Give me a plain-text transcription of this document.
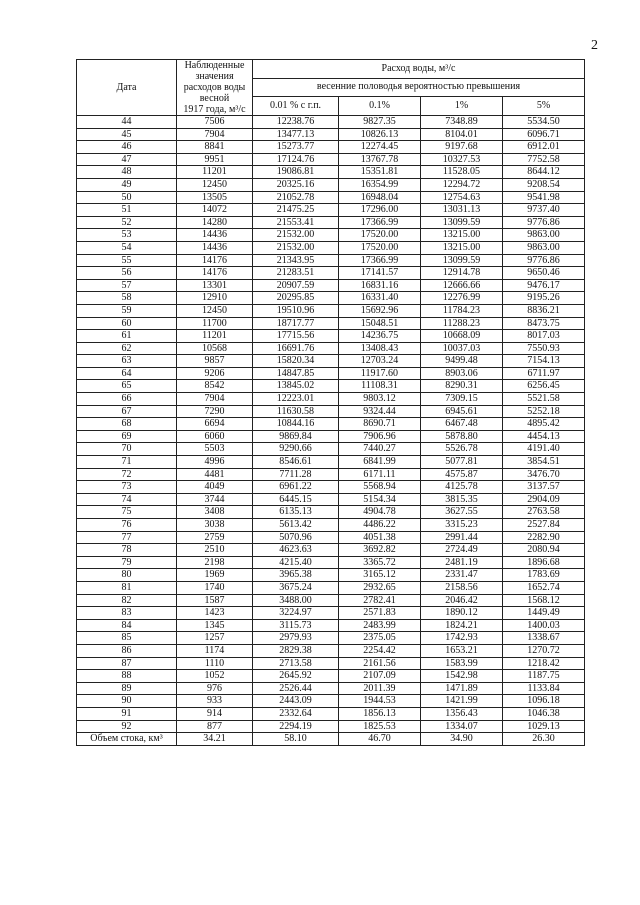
2
Дата	Наблюденные
значения
расходов воды
весной
1917 года, м³/с	Расход воды, м³/с			
		весенние половодья вероятностью превышения			
		0.01 % с г.п.	0.1%	1%	5%
44	7506	12238.76	9827.35	7348.89	5534.50
45	7904	13477.13	10826.13	8104.01	6096.71
46	8841	15273.77	12274.45	9197.68	6912.01
47	9951	17124.76	13767.78	10327.53	7752.58
48	11201	19086.81	15351.81	11528.05	8644.12
49	12450	20325.16	16354.99	12294.72	9208.54
50	13505	21052.78	16948.04	12754.63	9541.98
51	14072	21475.25	17296.00	13031.13	9737.40
52	14280	21553.41	17366.99	13099.59	9776.86
53	14436	21532.00	17520.00	13215.00	9863.00
54	14436	21532.00	17520.00	13215.00	9863.00
55	14176	21343.95	17366.99	13099.59	9776.86
56	14176	21283.51	17141.57	12914.78	9650.46
57	13301	20907.59	16831.16	12666.66	9476.17
58	12910	20295.85	16331.40	12276.99	9195.26
59	12450	19510.96	15692.96	11784.23	8836.21
60	11700	18717.77	15048.51	11288.23	8473.75
61	11201	17715.56	14236.75	10668.09	8017.03
62	10568	16691.76	13408.43	10037.03	7550.93
63	9857	15820.34	12703.24	9499.48	7154.13
64	9206	14847.85	11917.60	8903.06	6711.97
65	8542	13845.02	11108.31	8290.31	6256.45
66	7904	12223.01	9803.12	7309.15	5521.58
67	7290	11630.58	9324.44	6945.61	5252.18
68	6694	10844.16	8690.71	6467.48	4895.42
69	6060	9869.84	7906.96	5878.80	4454.13
70	5503	9290.66	7440.27	5526.78	4191.40
71	4996	8546.61	6841.99	5077.81	3854.51
72	4481	7711.28	6171.11	4575.87	3476.70
73	4049	6961.22	5568.94	4125.78	3137.57
74	3744	6445.15	5154.34	3815.35	2904.09
75	3408	6135.13	4904.78	3627.55	2763.58
76	3038	5613.42	4486.22	3315.23	2527.84
77	2759	5070.96	4051.38	2991.44	2282.90
78	2510	4623.63	3692.82	2724.49	2080.94
79	2198	4215.40	3365.72	2481.19	1896.68
80	1969	3965.38	3165.12	2331.47	1783.69
81	1740	3675.24	2932.65	2158.56	1652.74
82	1587	3488.00	2782.41	2046.42	1568.12
83	1423	3224.97	2571.83	1890.12	1449.49
84	1345	3115.73	2483.99	1824.21	1400.03
85	1257	2979.93	2375.05	1742.93	1338.67
86	1174	2829.38	2254.42	1653.21	1270.72
87	1110	2713.58	2161.56	1583.99	1218.42
88	1052	2645.92	2107.09	1542.98	1187.75
89	976	2526.44	2011.39	1471.89	1133.84
90	933	2443.09	1944.53	1421.99	1096.18
91	914	2332.64	1856.13	1356.43	1046.38
92	877	2294.19	1825.53	1334.07	1029.13
Объем стока, км³	34.21	58.10	46.70	34.90	26.30
